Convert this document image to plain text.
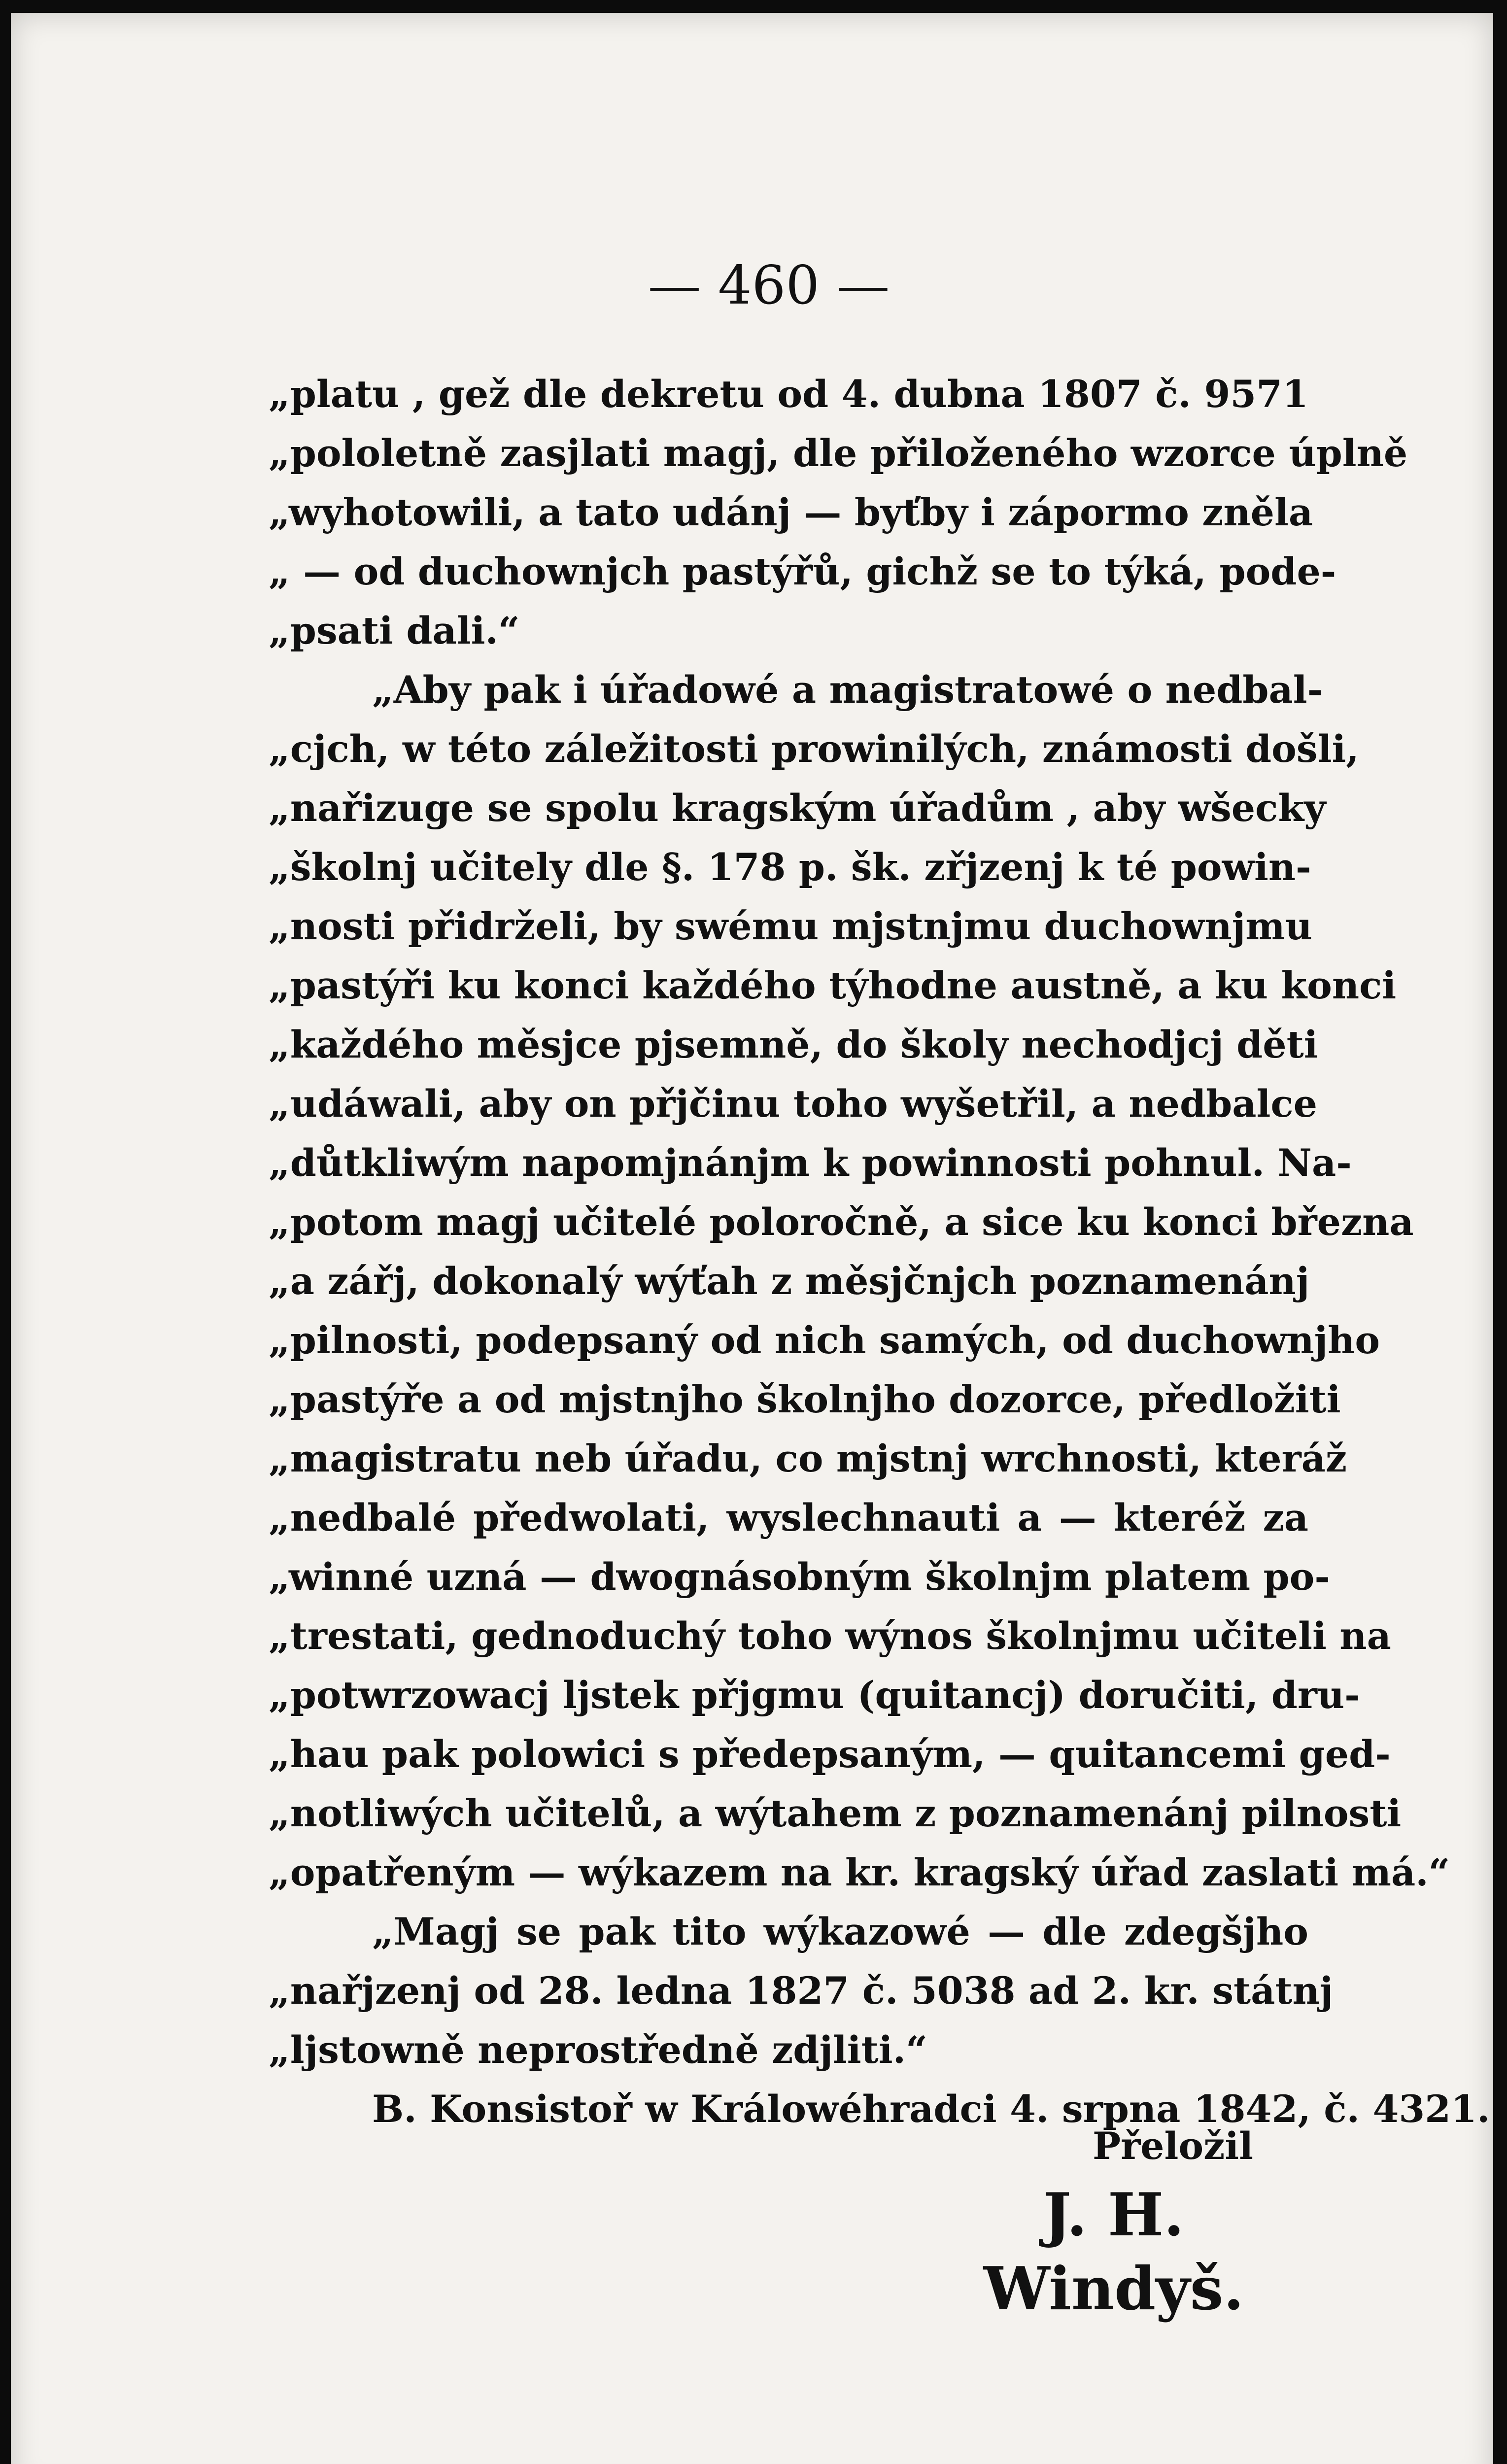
— 460 —
„platu , gež dle dekretu od 4. dubna 1807 č. 9571
„pololetně zasjlati magj, dle přiloženého wzorce úplně
„wyhotowili, a tato udánj — byťby i zápormo zněla
„ — od duchownjch pastýřů, gichž se to týká, pode-
„psati dali.“
„Aby pak i úřadowé a magistratowé o nedbal-
„cjch, w této záležitosti prowinilých, známosti došli,
„nařizuge se spolu kragským úřadům , aby wšecky
„školnj učitely dle §. 178 p. šk. zřjzenj k té powin-
„nosti přidrželi, by swému mjstnjmu duchownjmu
„pastýři ku konci každého týhodne austně, a ku konci
„každého měsjce pjsemně, do školy nechodjcj děti
„udáwali, aby on přjčinu toho wyšetřil, a nedbalce
„důtkliwým napomjnánjm k powinnosti pohnul. Na-
„potom magj učitelé poloročně, a sice ku konci března
„a zářj, dokonalý wýťah z měsjčnjch poznamenánj
„pilnosti, podepsaný od nich samých, od duchownjho
„pastýře a od mjstnjho školnjho dozorce, předložiti
„magistratu neb úřadu, co mjstnj wrchnosti, kteráž
„nedbalé předwolati, wyslechnauti a — kteréž za
„winné uzná — dwognásobným školnjm platem po-
„trestati, gednoduchý toho wýnos školnjmu učiteli na
„potwrzowacj ljstek přjgmu (quitancj) doručiti, dru-
„hau pak polowici s předepsaným, — quitancemi ged-
„notliwých učitelů, a wýtahem z poznamenánj pilnosti
„opatřeným — wýkazem na kr. kragský úřad zaslati má.“
„Magj se pak tito wýkazowé — dle zdegšjho
„nařjzenj od 28. ledna 1827 č. 5038 ad 2. kr. státnj
„ljstowně neprostředně zdjliti.“
B. Konsistoř w Králowéhradci 4. srpna 1842, č. 4321.
Přeložil
J. H. Windyš.
